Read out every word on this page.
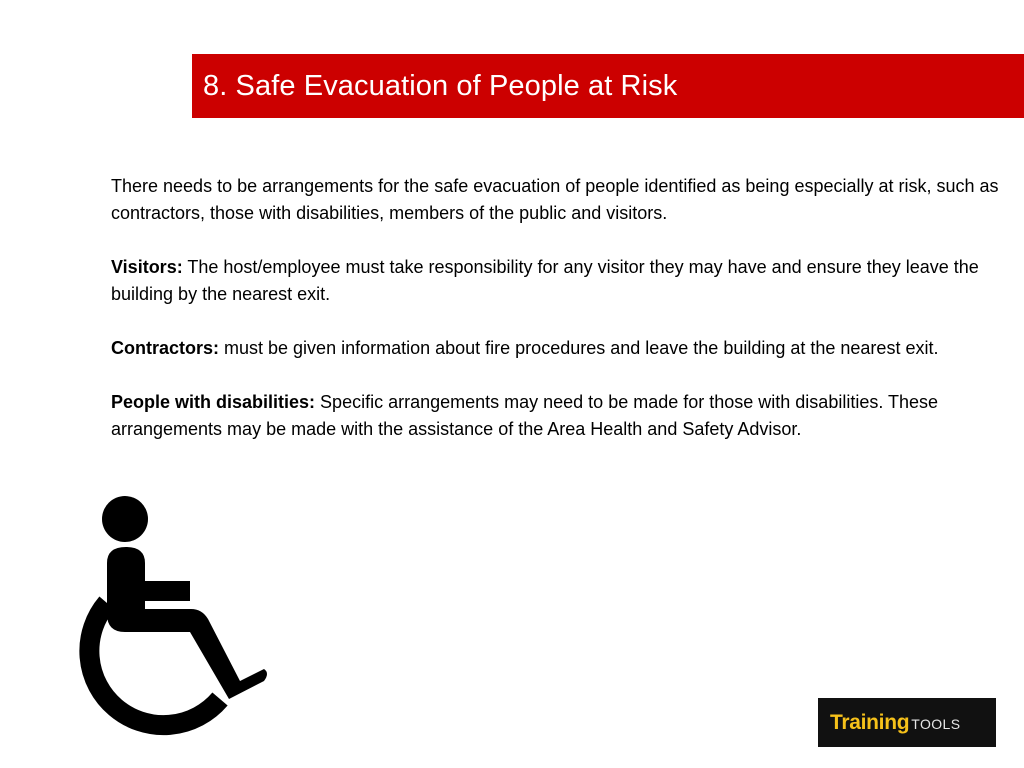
8. Safe Evacuation of People at Risk

There needs to be arrangements for the safe evacuation of people identified as being especially at risk, such as contractors, those with disabilities, members of the public and visitors.

Visitors: The host/employee must take responsibility for any visitor they may have and ensure they leave the building by the nearest exit.

Contractors: must be given information about fire procedures and leave the building at the nearest exit.

People with disabilities: Specific arrangements may need to be made for those with disabilities. These arrangements may be made with the assistance of the Area Health and Safety Advisor.

Training TOOLS
